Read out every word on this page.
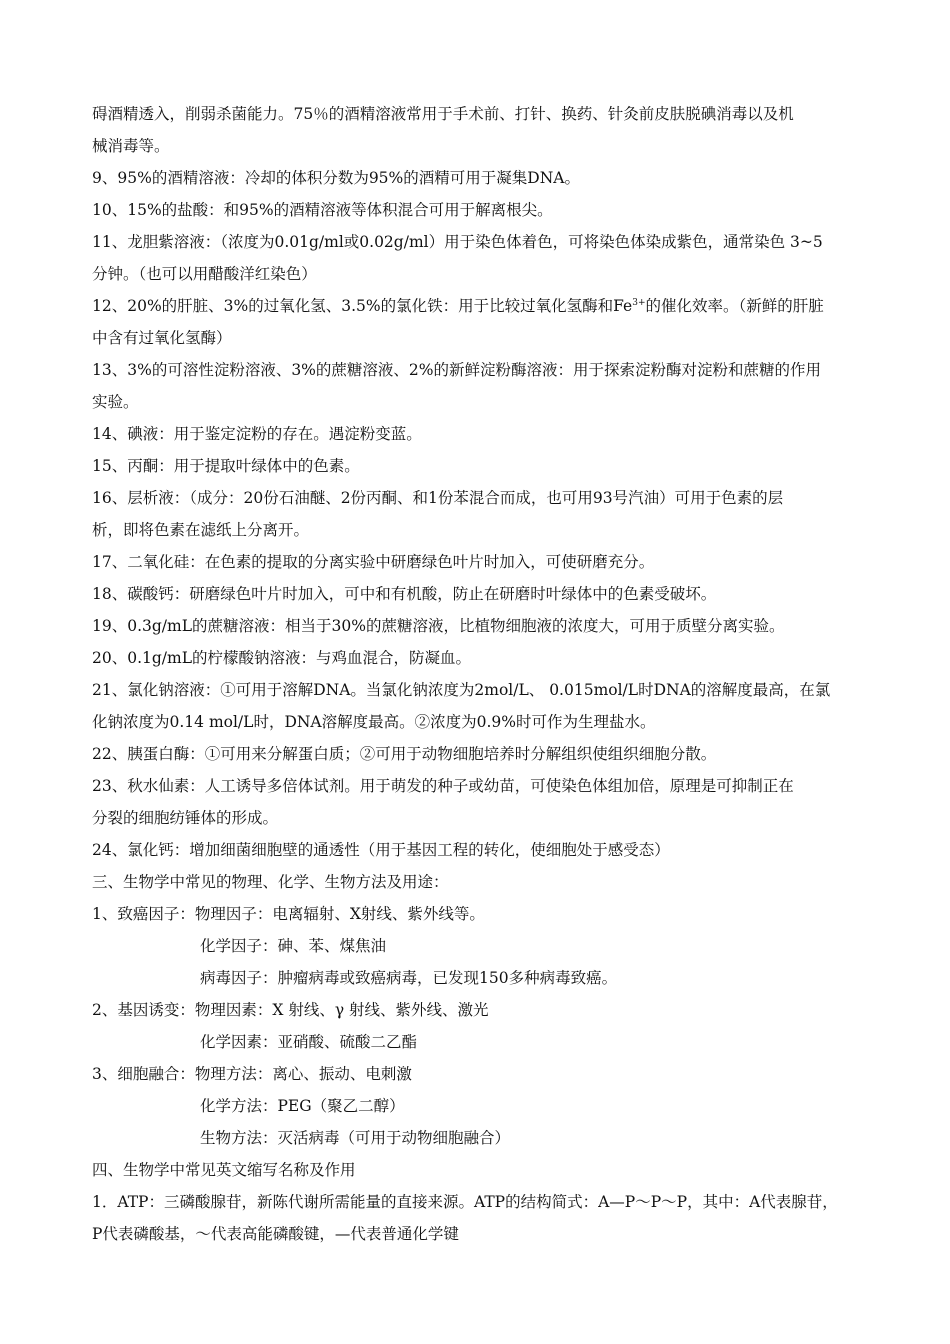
碍酒精透入，削弱杀菌能力。75％的酒精溶液常用于手术前、打针、换药、针灸前皮肤脱碘消毒以及机
械消毒等。
9、95%的酒精溶液：冷却的体积分数为95%的酒精可用于凝集DNA。
10、15%的盐酸：和95%的酒精溶液等体积混合可用于解离根尖。
11、龙胆紫溶液：（浓度为0.01g/ml或0.02g/ml）用于染色体着色，可将染色体染成紫色，通常染色 3~5
分钟。（也可以用醋酸洋红染色）
12、20%的肝脏、3%的过氧化氢、3.5%的氯化铁：用于比较过氧化氢酶和$Fe^{3+}$的催化效率。（新鲜的肝脏
中含有过氧化氢酶）
13、3%的可溶性淀粉溶液、3%的蔗糖溶液、2%的新鲜淀粉酶溶液：用于探索淀粉酶对淀粉和蔗糖的作用
实验。
14、碘液：用于鉴定淀粉的存在。遇淀粉变蓝。
15、丙酮：用于提取叶绿体中的色素。
16、层析液：（成分：20份石油醚、2份丙酮、和1份苯混合而成，也可用93号汽油）可用于色素的层
析，即将色素在滤纸上分离开。
17、二氧化硅：在色素的提取的分离实验中研磨绿色叶片时加入，可使研磨充分。
18、碳酸钙：研磨绿色叶片时加入，可中和有机酸，防止在研磨时叶绿体中的色素受破坏。
19、0.3g/mL的蔗糖溶液：相当于30%的蔗糖溶液，比植物细胞液的浓度大，可用于质壁分离实验。
20、0.1g/mL的柠檬酸钠溶液：与鸡血混合，防凝血。
21、氯化钠溶液：①可用于溶解DNA。当氯化钠浓度为2mol/L、 0.015mol/L时DNA的溶解度最高，在氯
化钠浓度为0.14 mol/L时，DNA溶解度最高。②浓度为0.9%时可作为生理盐水。
22、胰蛋白酶：①可用来分解蛋白质；②可用于动物细胞培养时分解组织使组织细胞分散。
23、秋水仙素：人工诱导多倍体试剂。用于萌发的种子或幼苗，可使染色体组加倍，原理是可抑制正在
分裂的细胞纺锤体的形成。
24、氯化钙：增加细菌细胞壁的通透性（用于基因工程的转化，使细胞处于感受态）
三、生物学中常见的物理、化学、生物方法及用途：
1、致癌因子：物理因子：电离辐射、X射线、紫外线等。
化学因子：砷、苯、煤焦油
病毒因子：肿瘤病毒或致癌病毒，已发现150多种病毒致癌。
2、基因诱变：物理因素：X 射线、γ 射线、紫外线、激光
化学因素：亚硝酸、硫酸二乙酯
3、细胞融合：物理方法：离心、振动、电刺激
化学方法：PEG（聚乙二醇）
生物方法：灭活病毒（可用于动物细胞融合）
四、生物学中常见英文缩写名称及作用
1．ATP：三磷酸腺苷，新陈代谢所需能量的直接来源。ATP的结构简式：A—P～P～P，其中：A代表腺苷，
P代表磷酸基，～代表高能磷酸键，—代表普通化学键
